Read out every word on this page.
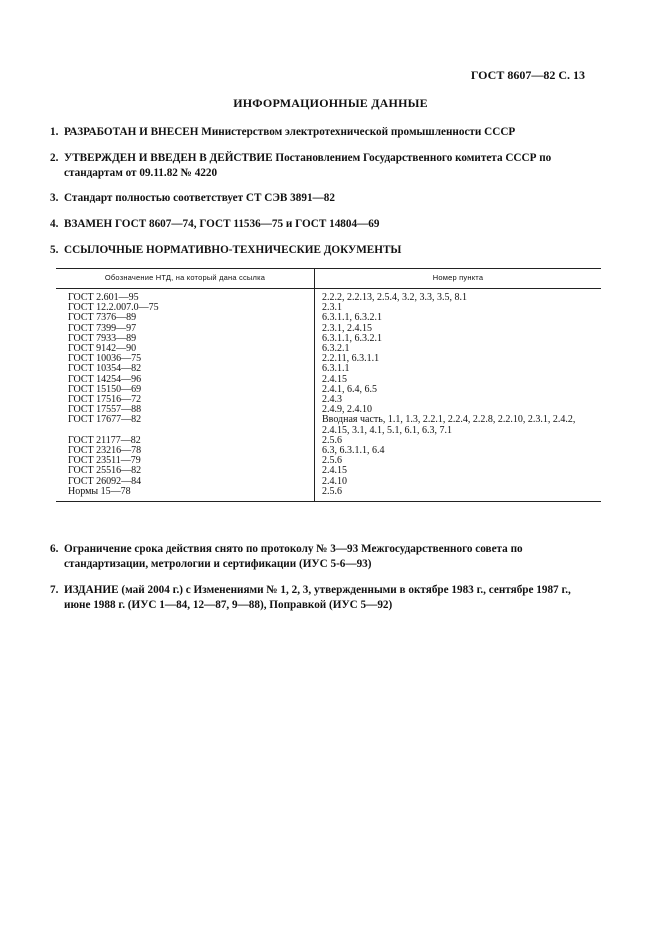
ГОСТ 8607—82 С. 13
ИНФОРМАЦИОННЫЕ ДАННЫЕ
1. РАЗРАБОТАН И ВНЕСЕН Министерством электротехнической промышленности СССР
2. УТВЕРЖДЕН И ВВЕДЕН В ДЕЙСТВИЕ Постановлением Государственного комитета СССР по стандартам от 09.11.82 № 4220
3. Стандарт полностью соответствует СТ СЭВ 3891—82
4. ВЗАМЕН ГОСТ 8607—74, ГОСТ 11536—75 и ГОСТ 14804—69
5. ССЫЛОЧНЫЕ НОРМАТИВНО-ТЕХНИЧЕСКИЕ ДОКУМЕНТЫ
Обозначение НТД, на который дана ссылка	Номер пункта
ГОСТ 2.601—95	2.2.2, 2.2.13, 2.5.4, 3.2, 3.3, 3.5, 8.1
ГОСТ 12.2.007.0—75	2.3.1
ГОСТ 7376—89	6.3.1.1, 6.3.2.1
ГОСТ 7399—97	2.3.1, 2.4.15
ГОСТ 7933—89	6.3.1.1, 6.3.2.1
ГОСТ 9142—90	6.3.2.1
ГОСТ 10036—75	2.2.11, 6.3.1.1
ГОСТ 10354—82	6.3.1.1
ГОСТ 14254—96	2.4.15
ГОСТ 15150—69	2.4.1, 6.4, 6.5
ГОСТ 17516—72	2.4.3
ГОСТ 17557—88	2.4.9, 2.4.10
ГОСТ 17677—82	Вводная часть, 1.1, 1.3, 2.2.1, 2.2.4, 2.2.8, 2.2.10, 2.3.1, 2.4.2, 2.4.15, 3.1, 4.1, 5.1, 6.1, 6.3, 7.1
ГОСТ 21177—82	2.5.6
ГОСТ 23216—78	6.3, 6.3.1.1, 6.4
ГОСТ 23511—79	2.5.6
ГОСТ 25516—82	2.4.15
ГОСТ 26092—84	2.4.10
Нормы 15—78	2.5.6

6. Ограничение срока действия снято по протоколу № 3—93 Межгосударственного совета по стандартизации, метрологии и сертификации (ИУС 5-6—93)
7. ИЗДАНИЕ (май 2004 г.) с Изменениями № 1, 2, 3, утвержденными в октябре 1983 г., сентябре 1987 г., июне 1988 г. (ИУС 1—84, 12—87, 9—88), Поправкой (ИУС 5—92)
